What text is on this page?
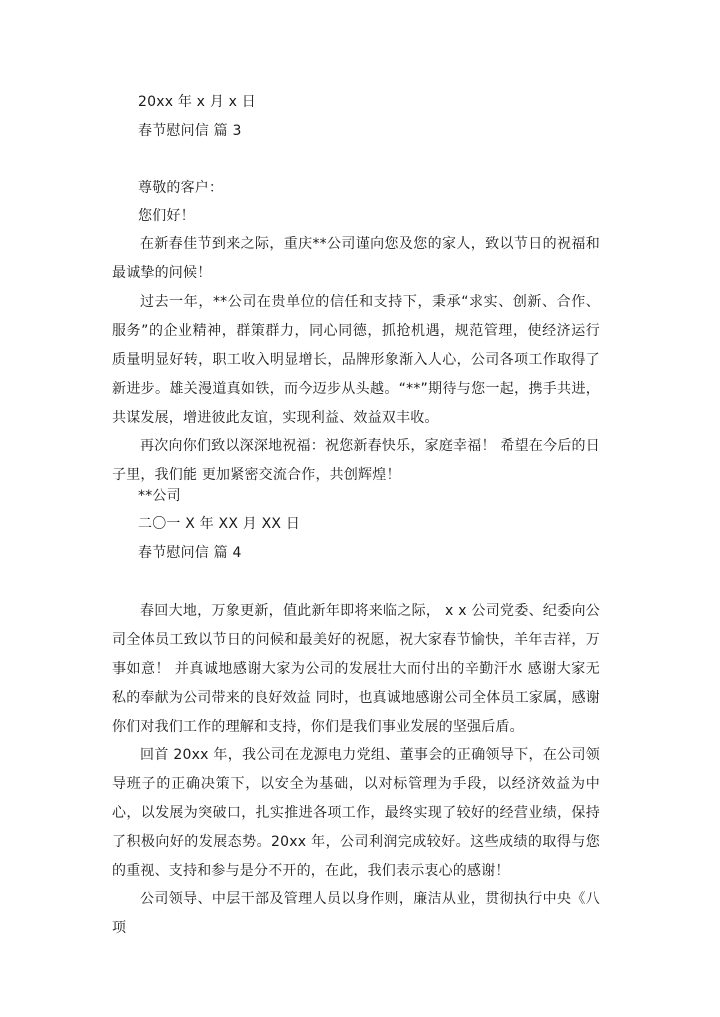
20xx 年 x 月 x 日
春节慰问信 篇 3
尊敬的客户：
您们好！
在新春佳节到来之际，重庆**公司谨向您及您的家人，致以节日的祝福和最诚挚的问候！
过去一年，**公司在贵单位的信任和支持下，秉承“求实、创新、合作、服务”的企业精神，群策群力，同心同德，抓抢机遇，规范管理，使经济运行质量明显好转，职工收入明显增长，品牌形象渐入人心，公司各项工作取得了新进步。雄关漫道真如铁，而今迈步从头越。“**”期待与您一起，携手共进，共谋发展，增进彼此友谊，实现利益、效益双丰收。
再次向你们致以深深地祝福：祝您新春快乐，家庭幸福！ 希望在今后的日子里，我们能 更加紧密交流合作，共创辉煌！
**公司
二〇一 X 年 XX 月 XX 日
春节慰问信 篇 4
春回大地，万象更新，值此新年即将来临之际， x x 公司党委、纪委向公司全体员工致以节日的问候和最美好的祝愿，祝大家春节愉快，羊年吉祥，万事如意！ 并真诚地感谢大家为公司的发展壮大而付出的辛勤汗水 感谢大家无私的奉献为公司带来的良好效益 同时，也真诚地感谢公司全体员工家属，感谢你们对我们工作的理解和支持，你们是我们事业发展的坚强后盾。
回首 20xx 年，我公司在龙源电力党组、董事会的正确领导下，在公司领导班子的正确决策下，以安全为基础，以对标管理为手段，以经济效益为中心，以发展为突破口，扎实推进各项工作，最终实现了较好的经营业绩，保持了积极向好的发展态势。20xx 年，公司利润完成较好。这些成绩的取得与您的重视、支持和参与是分不开的，在此，我们表示衷心的感谢！
公司领导、中层干部及管理人员以身作则，廉洁从业，贯彻执行中央《八项
